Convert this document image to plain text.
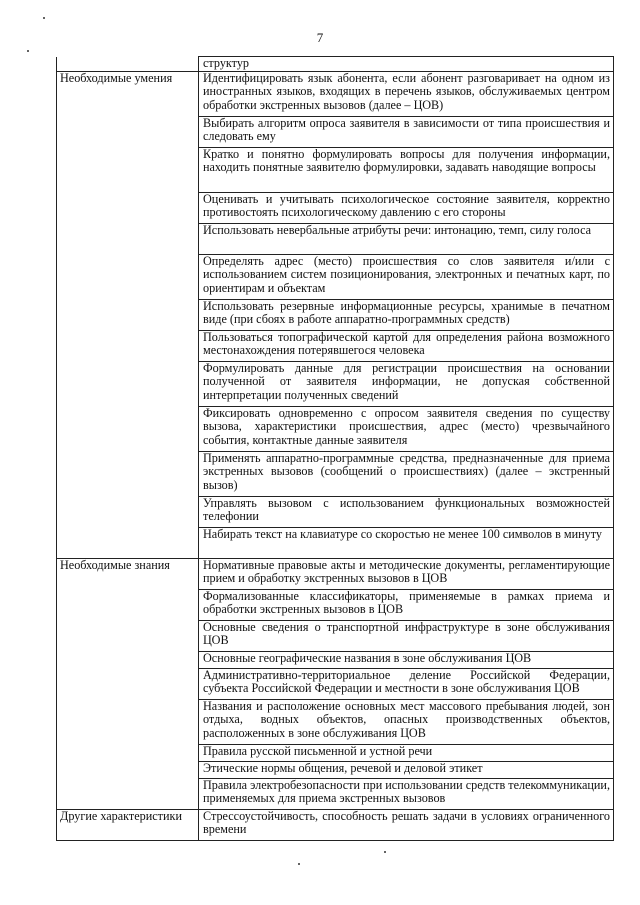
7
	структур
Необходимые умения	Идентифицировать язык абонента, если абонент разговаривает на одном из иностранных языков, входящих в перечень языков, обслуживаемых центром обработки экстренных вызовов (далее – ЦОВ)
	Выбирать алгоритм опроса заявителя в зависимости от типа происшествия и следовать ему
	Кратко и понятно формулировать вопросы для получения информации, находить понятные заявителю формулировки, задавать наводящие вопросы
	Оценивать и учитывать психологическое состояние заявителя, корректно противостоять психологическому давлению с его стороны
	Использовать невербальные атрибуты речи: интонацию, темп, силу голоса
	Определять адрес (место) происшествия со слов заявителя и/или с использованием систем позиционирования, электронных и печатных карт, по ориентирам и объектам
	Использовать резервные информационные ресурсы, хранимые в печатном виде (при сбоях в работе аппаратно-программных средств)
	Пользоваться топографической картой для определения района возможного местонахождения потерявшегося человека
	Формулировать данные для регистрации происшествия на основании полученной от заявителя информации, не допуская собственной интерпретации полученных сведений
	Фиксировать одновременно с опросом заявителя сведения по существу вызова, характеристики происшествия, адрес (место) чрезвычайного события, контактные данные заявителя
	Применять аппаратно-программные средства, предназначенные для приема экстренных вызовов (сообщений о происшествиях) (далее – экстренный вызов)
	Управлять вызовом с использованием функциональных возможностей телефонии
	Набирать текст на клавиатуре со скоростью не менее 100 символов в минуту
Необходимые знания	Нормативные правовые акты и методические документы, регламентирующие прием и обработку экстренных вызовов в ЦОВ
	Формализованные классификаторы, применяемые в рамках приема и обработки экстренных вызовов в ЦОВ
	Основные сведения о транспортной инфраструктуре в зоне обслуживания ЦОВ
	Основные географические названия в зоне обслуживания ЦОВ
	Административно-территориальное деление Российской Федерации, субъекта Российской Федерации и местности в зоне обслуживания ЦОВ
	Названия и расположение основных мест массового пребывания людей, зон отдыха, водных объектов, опасных производственных объектов, расположенных в зоне обслуживания ЦОВ
	Правила русской письменной и устной речи
	Этические нормы общения, речевой и деловой этикет
	Правила электробезопасности при использовании средств телекоммуникации, применяемых для приема экстренных вызовов
Другие характеристики	Стрессоустойчивость, способность решать задачи в условиях ограниченного времени
